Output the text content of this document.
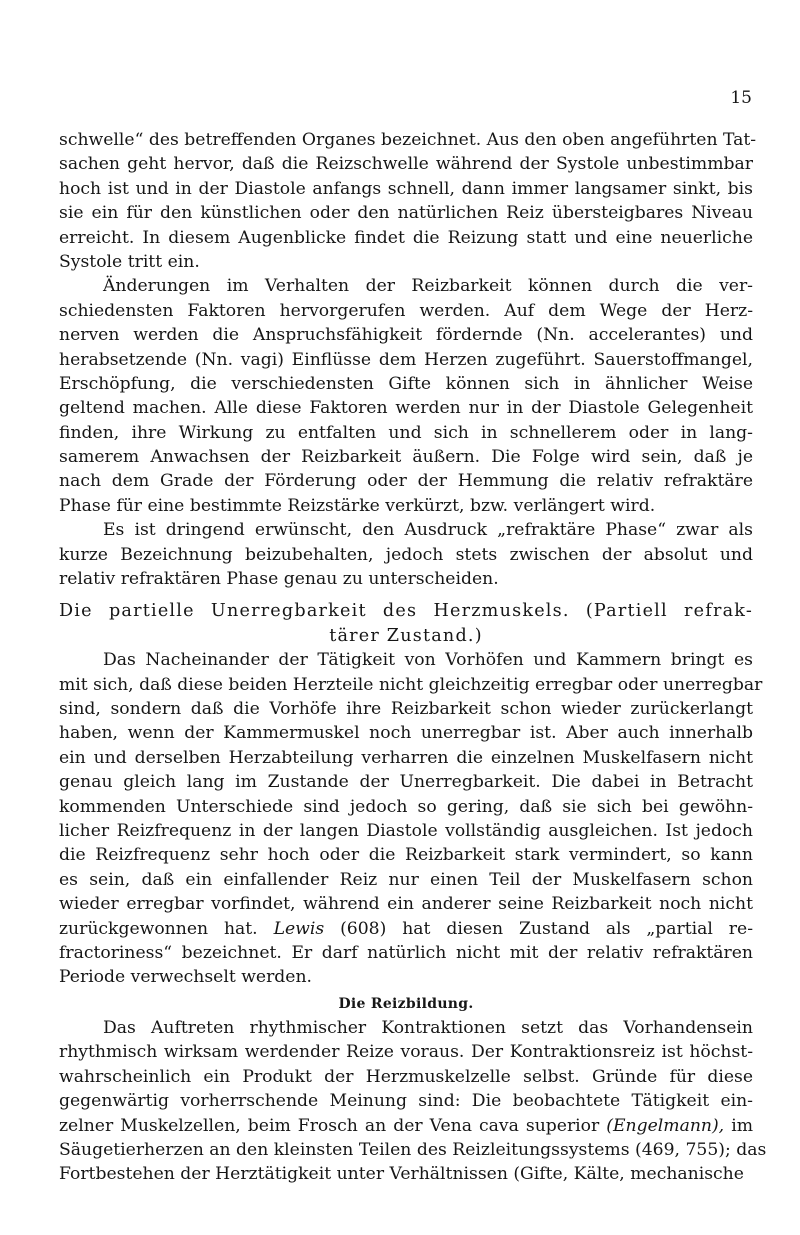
15
schwelle“ des betreffenden Organes bezeichnet. Aus den oben angeführten Tat-
sachen geht hervor, daß die Reizschwelle während der Systole unbestimmbar
hoch ist und in der Diastole anfangs schnell, dann immer langsamer sinkt, bis
sie ein für den künstlichen oder den natürlichen Reiz übersteigbares Niveau
erreicht. In diesem Augenblicke findet die Reizung statt und eine neuerliche
Systole tritt ein.
Änderungen im Verhalten der Reizbarkeit können durch die ver-
schiedensten Faktoren hervorgerufen werden. Auf dem Wege der Herz-
nerven werden die Anspruchsfähigkeit fördernde (Nn. accelerantes) und
herabsetzende (Nn. vagi) Einflüsse dem Herzen zugeführt. Sauerstoffmangel,
Erschöpfung, die verschiedensten Gifte können sich in ähnlicher Weise
geltend machen. Alle diese Faktoren werden nur in der Diastole Gelegenheit
finden, ihre Wirkung zu entfalten und sich in schnellerem oder in lang-
samerem Anwachsen der Reizbarkeit äußern. Die Folge wird sein, daß je
nach dem Grade der Förderung oder der Hemmung die relativ refraktäre
Phase für eine bestimmte Reizstärke verkürzt, bzw. verlängert wird.
Es ist dringend erwünscht, den Ausdruck „refraktäre Phase“ zwar als
kurze Bezeichnung beizubehalten, jedoch stets zwischen der absolut und
relativ refraktären Phase genau zu unterscheiden.
Die partielle Unerregbarkeit des Herzmuskels. (Partiell refrak-
tärer Zustand.)
Das Nacheinander der Tätigkeit von Vorhöfen und Kammern bringt es
mit sich, daß diese beiden Herzteile nicht gleichzeitig erregbar oder unerregbar
sind, sondern daß die Vorhöfe ihre Reizbarkeit schon wieder zurückerlangt
haben, wenn der Kammermuskel noch unerregbar ist. Aber auch innerhalb
ein und derselben Herzabteilung verharren die einzelnen Muskelfasern nicht
genau gleich lang im Zustande der Unerregbarkeit. Die dabei in Betracht
kommenden Unterschiede sind jedoch so gering, daß sie sich bei gewöhn-
licher Reizfrequenz in der langen Diastole vollständig ausgleichen. Ist jedoch
die Reizfrequenz sehr hoch oder die Reizbarkeit stark vermindert, so kann
es sein, daß ein einfallender Reiz nur einen Teil der Muskelfasern schon
wieder erregbar vorfindet, während ein anderer seine Reizbarkeit noch nicht
zurückgewonnen hat. Lewis (608) hat diesen Zustand als „partial re-
fractoriness“ bezeichnet. Er darf natürlich nicht mit der relativ refraktären
Periode verwechselt werden.
Die Reizbildung.
Das Auftreten rhythmischer Kontraktionen setzt das Vorhandensein
rhythmisch wirksam werdender Reize voraus. Der Kontraktionsreiz ist höchst-
wahrscheinlich ein Produkt der Herzmuskelzelle selbst. Gründe für diese
gegenwärtig vorherrschende Meinung sind: Die beobachtete Tätigkeit ein-
zelner Muskelzellen, beim Frosch an der Vena cava superior (Engelmann), im
Säugetierherzen an den kleinsten Teilen des Reizleitungssystems (469, 755); das
Fortbestehen der Herztätigkeit unter Verhältnissen (Gifte, Kälte, mechanische
